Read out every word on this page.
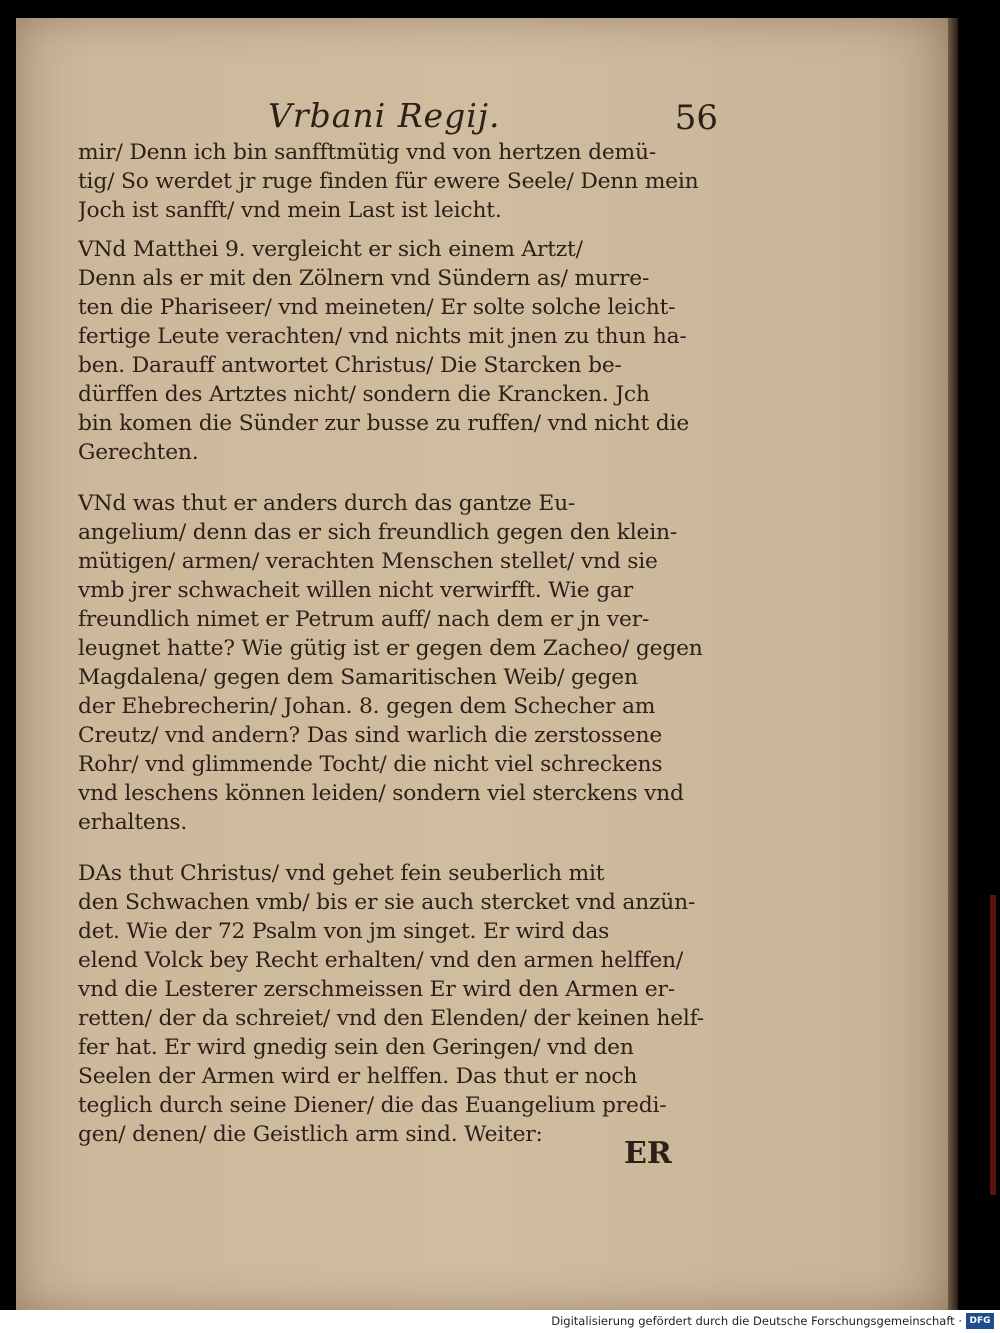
Vrbani Regij.	56
mir/ Denn ich bin sanfftmütig vnd von hertzen demü-
tig/ So werdet jr ruge finden für ewere Seele/ Denn mein
Joch ist sanfft/ vnd mein Last ist leicht.
VNd Matthei 9. vergleicht er sich einem Artzt/
Denn als er mit den Zölnern vnd Sündern as/ murre-
ten die Phariseer/ vnd meineten/ Er solte solche leicht-
fertige Leute verachten/ vnd nichts mit jnen zu thun ha-
ben. Darauff antwortet Christus/ Die Starcken be-
dürffen des Artztes nicht/ sondern die Krancken. Jch
bin komen die Sünder zur busse zu ruffen/ vnd nicht die
Gerechten.
VNd was thut er anders durch das gantze Eu-
angelium/ denn das er sich freundlich gegen den klein-
mütigen/ armen/ verachten Menschen stellet/ vnd sie
vmb jrer schwacheit willen nicht verwirfft. Wie gar
freundlich nimet er Petrum auff/ nach dem er jn ver-
leugnet hatte? Wie gütig ist er gegen dem Zacheo/ gegen
Magdalena/ gegen dem Samaritischen Weib/ gegen
der Ehebrecherin/ Johan. 8. gegen dem Schecher am
Creutz/ vnd andern? Das sind warlich die zerstossene
Rohr/ vnd glimmende Tocht/ die nicht viel schreckens
vnd leschens können leiden/ sondern viel sterckens vnd
erhaltens.
DAs thut Christus/ vnd gehet fein seuberlich mit
den Schwachen vmb/ bis er sie auch stercket vnd anzün-
det. Wie der 72 Psalm von jm singet. Er wird das
elend Volck bey Recht erhalten/ vnd den armen helffen/
vnd die Lesterer zerschmeissen Er wird den Armen er-
retten/ der da schreiet/ vnd den Elenden/ der keinen helf-
fer hat. Er wird gnedig sein den Geringen/ vnd den
Seelen der Armen wird er helffen. Das thut er noch
teglich durch seine Diener/ die das Euangelium predi-
gen/ denen/ die Geistlich arm sind. Weiter:
ER
Digitalisierung gefördert durch die Deutsche Forschungsgemeinschaft · DFG
